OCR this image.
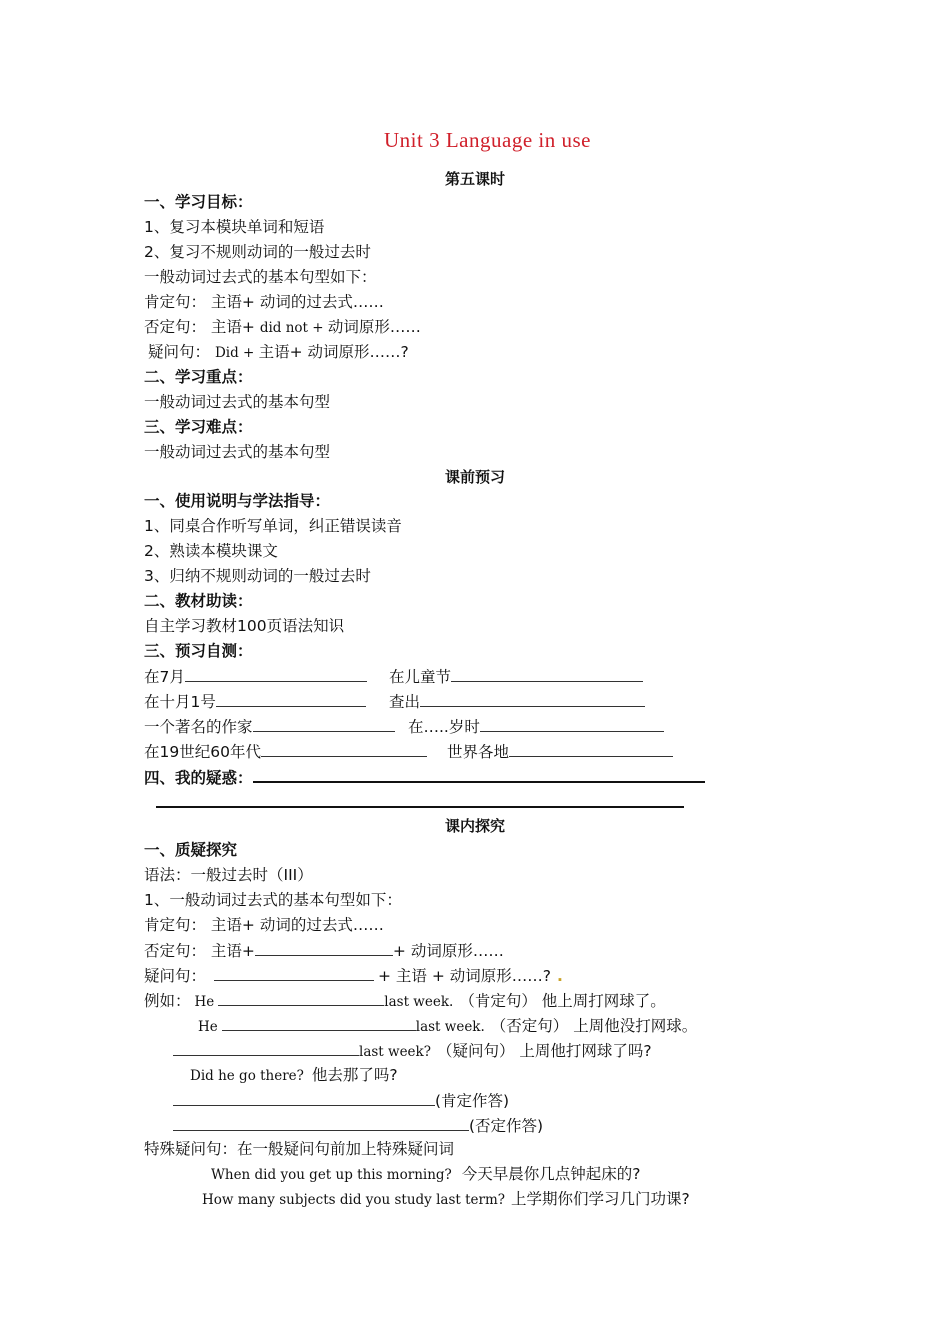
Unit 3 Language in use
第五课时
一、学习目标：
1、复习本模块单词和短语
2、复习不规则动词的一般过去时
一般动词过去式的基本句型如下：
肯定句： 主语+ 动词的过去式……
否定句： 主语+ did not + 动词原形……
疑问句： Did + 主语+ 动词原形……?
二、学习重点：
一般动词过去式的基本句型
三、学习难点：
一般动词过去式的基本句型
课前预习
一、使用说明与学法指导：
1、同桌合作听写单词，纠正错误读音
2、熟读本模块课文
3、归纳不规则动词的一般过去时
二、教材助读：
自主学习教材100页语法知识
三、预习自测：
在7月	在儿童节
在十月1号	查出
一个著名的作家	在…..岁时
在19世纪60年代	世界各地
四、我的疑惑：
课内探究
一、质疑探究
语法：一般过去时（III）
1、一般动词过去式的基本句型如下：
肯定句： 主语+ 动词的过去式……
否定句： 主语+	+ 动词原形……
疑问句：	+ 主语 + 动词原形……? .
例如： He	last week. （肯定句） 他上周打网球了。
He	last week. （否定句） 上周他没打网球。
last week? （疑问句） 上周他打网球了吗?
Did he go there? 他去那了吗?
(肯定作答)
(否定作答)
特殊疑问句：在一般疑问句前加上特殊疑问词
When did you get up this morning? 今天早晨你几点钟起床的?
How many subjects did you study last term? 上学期你们学习几门功课?
